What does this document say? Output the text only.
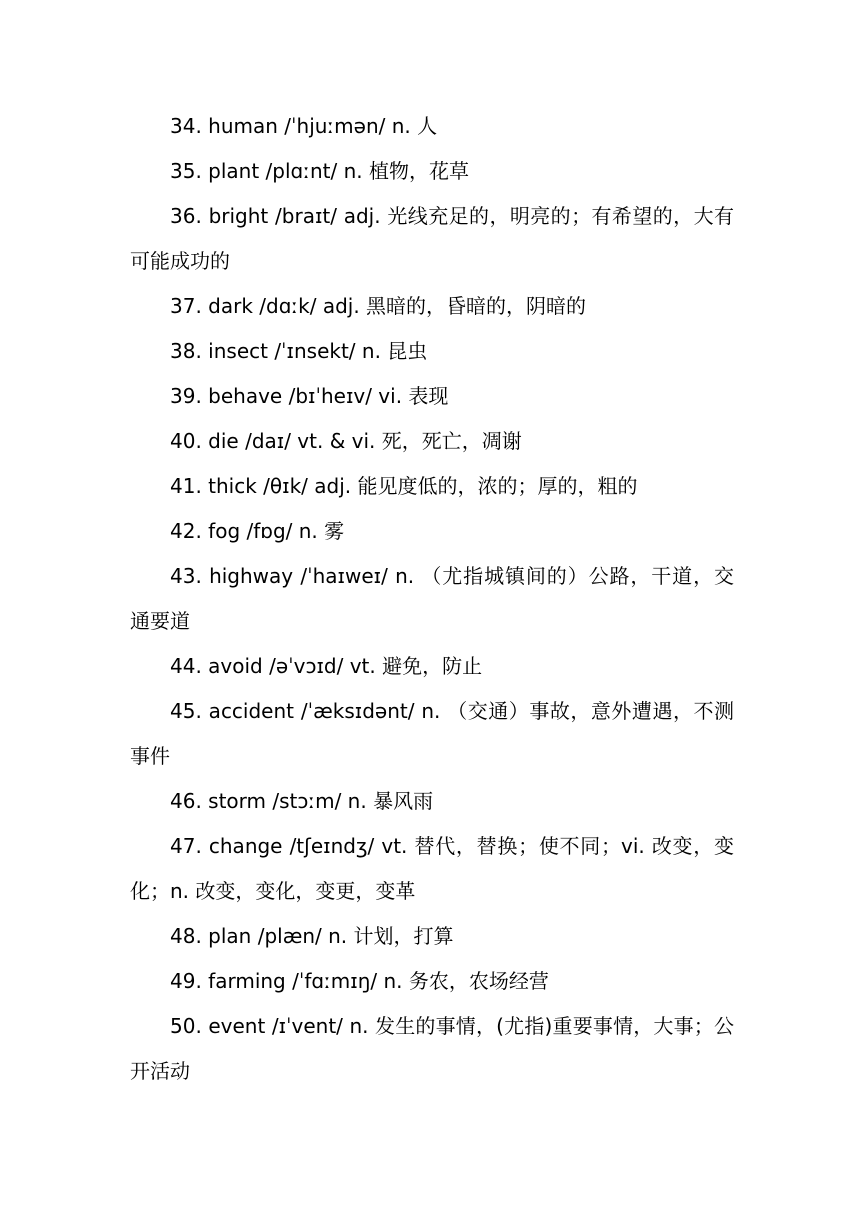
34. human /ˈhjuːmən/ n. 人

35. plant /plɑːnt/ n. 植物，花草

36. bright /braɪt/ adj. 光线充足的，明亮的；有希望的，大有可能成功的

37. dark /dɑːk/ adj. 黑暗的，昏暗的，阴暗的

38. insect /ˈɪnsekt/ n. 昆虫

39. behave /bɪˈheɪv/ vi. 表现

40. die /daɪ/ vt. & vi. 死，死亡，凋谢

41. thick /θɪk/ adj. 能见度低的，浓的；厚的，粗的

42. fog /fɒg/ n. 雾

43. highway /ˈhaɪweɪ/ n. （尤指城镇间的）公路，干道，交通要道

44. avoid /əˈvɔɪd/ vt. 避免，防止

45. accident /ˈæksɪdənt/ n. （交通）事故，意外遭遇，不测事件

46. storm /stɔːm/ n. 暴风雨

47. change /tʃeɪndʒ/ vt. 替代，替换；使不同；vi. 改变，变化；n. 改变，变化，变更，变革

48. plan /plæn/ n. 计划，打算

49. farming /ˈfɑːmɪŋ/ n. 务农，农场经营

50. event /ɪˈvent/ n. 发生的事情，(尤指)重要事情，大事；公开活动
